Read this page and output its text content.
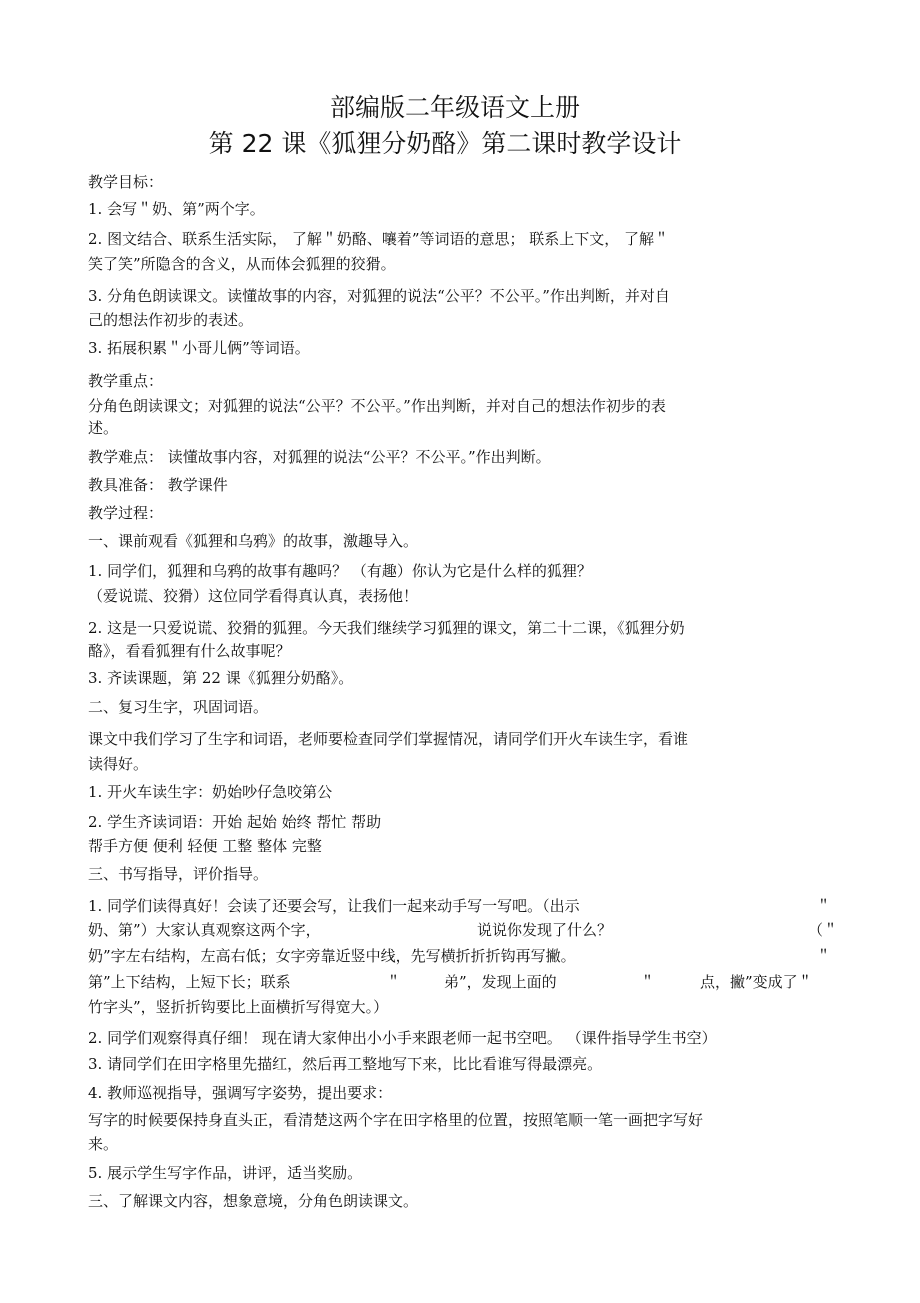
部编版二年级语文上册
第 22 课《狐狸分奶酪》第二课时教学设计
教学目标：
1. 会写＂奶、第”两个字。
2. 图文结合、联系生活实际， 了解＂奶酪、嚷着”等词语的意思； 联系上下文， 了解＂
笑了笑”所隐含的含义，从而体会狐狸的狡猾。
3. 分角色朗读课文。读懂故事的内容，对狐狸的说法“公平？不公平。”作出判断，并对自
己的想法作初步的表述。
3. 拓展积累＂小哥儿俩”等词语。
教学重点：
分角色朗读课文；对狐狸的说法“公平？不公平。”作出判断，并对自己的想法作初步的表
述。
教学难点： 读懂故事内容，对狐狸的说法“公平？不公平。”作出判断。
教具准备： 教学课件
教学过程：
一、课前观看《狐狸和乌鸦》的故事，激趣导入。
1. 同学们，狐狸和乌鸦的故事有趣吗？ （有趣）你认为它是什么样的狐狸？
（爱说谎、狡猾）这位同学看得真认真，表扬他！
2. 这是一只爱说谎、狡猾的狐狸。今天我们继续学习狐狸的课文，第二十二课，《狐狸分奶
酪》，看看狐狸有什么故事呢？
3. 齐读课题，第 22 课《狐狸分奶酪》。
二、复习生字，巩固词语。
课文中我们学习了生字和词语，老师要检查同学们掌握情况，请同学们开火车读生字，看谁
读得好。
1. 开火车读生字：奶始吵仔急咬第公
2. 学生齐读词语：开始 起始 始终 帮忙 帮助
帮手方便 便利 轻便 工整 整体 完整
三、书写指导，评价指导。
1. 同学们读得真好！会读了还要会写，让我们一起来动手写一写吧。（出示	＂
奶、第”）大家认真观察这两个字，	说说你发现了什么？	（＂
奶”字左右结构，左高右低；女字旁靠近竖中线，先写横折折折钩再写撇。	＂
第”上下结构，上短下长；联系	＂	弟”，发现上面的	＂	点，撇”变成了＂
竹字头”，竖折折钩要比上面横折写得宽大。）
2. 同学们观察得真仔细！ 现在请大家伸出小小手来跟老师一起书空吧。 （课件指导学生书空）
3. 请同学们在田字格里先描红，然后再工整地写下来，比比看谁写得最漂亮。
4. 教师巡视指导，强调写字姿势，提出要求：
写字的时候要保持身直头正，看清楚这两个字在田字格里的位置，按照笔顺一笔一画把字写好
来。
5. 展示学生写字作品，讲评，适当奖励。
三、了解课文内容，想象意境，分角色朗读课文。
